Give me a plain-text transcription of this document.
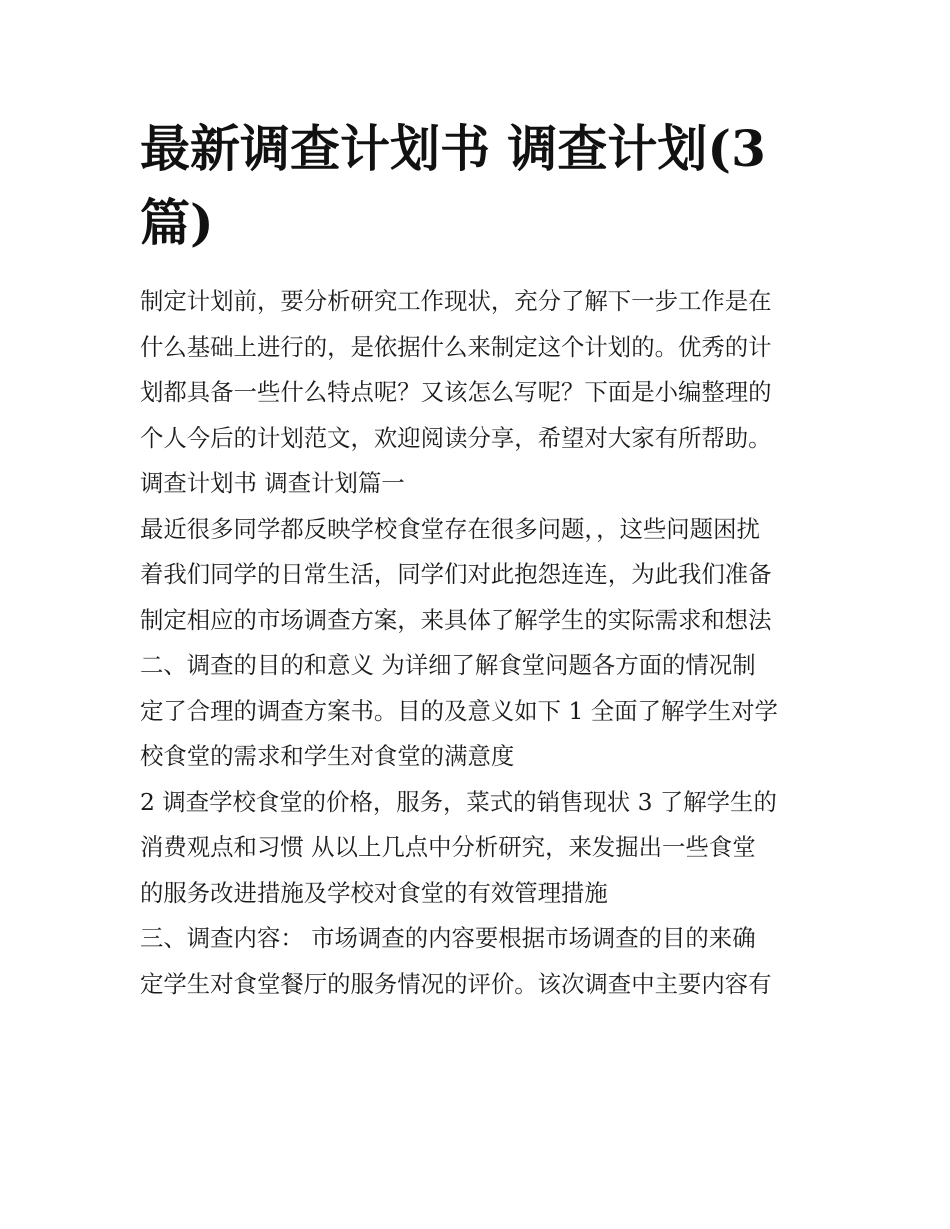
最新调查计划书 调查计划(3
篇)
制定计划前，要分析研究工作现状，充分了解下一步工作是在
什么基础上进行的，是依据什么来制定这个计划的。优秀的计
划都具备一些什么特点呢？又该怎么写呢？下面是小编整理的
个人今后的计划范文，欢迎阅读分享，希望对大家有所帮助。
调查计划书 调查计划篇一
最近很多同学都反映学校食堂存在很多问题，，这些问题困扰
着我们同学的日常生活，同学们对此抱怨连连，为此我们准备
制定相应的市场调查方案，来具体了解学生的实际需求和想法
二、调查的目的和意义 为详细了解食堂问题各方面的情况制
定了合理的调查方案书。目的及意义如下 1 全面了解学生对学
校食堂的需求和学生对食堂的满意度
2 调查学校食堂的价格，服务，菜式的销售现状 3 了解学生的
消费观点和习惯 从以上几点中分析研究，来发掘出一些食堂
的服务改进措施及学校对食堂的有效管理措施
三、调查内容： 市场调查的内容要根据市场调查的目的来确
定学生对食堂餐厅的服务情况的评价。该次调查中主要内容有
